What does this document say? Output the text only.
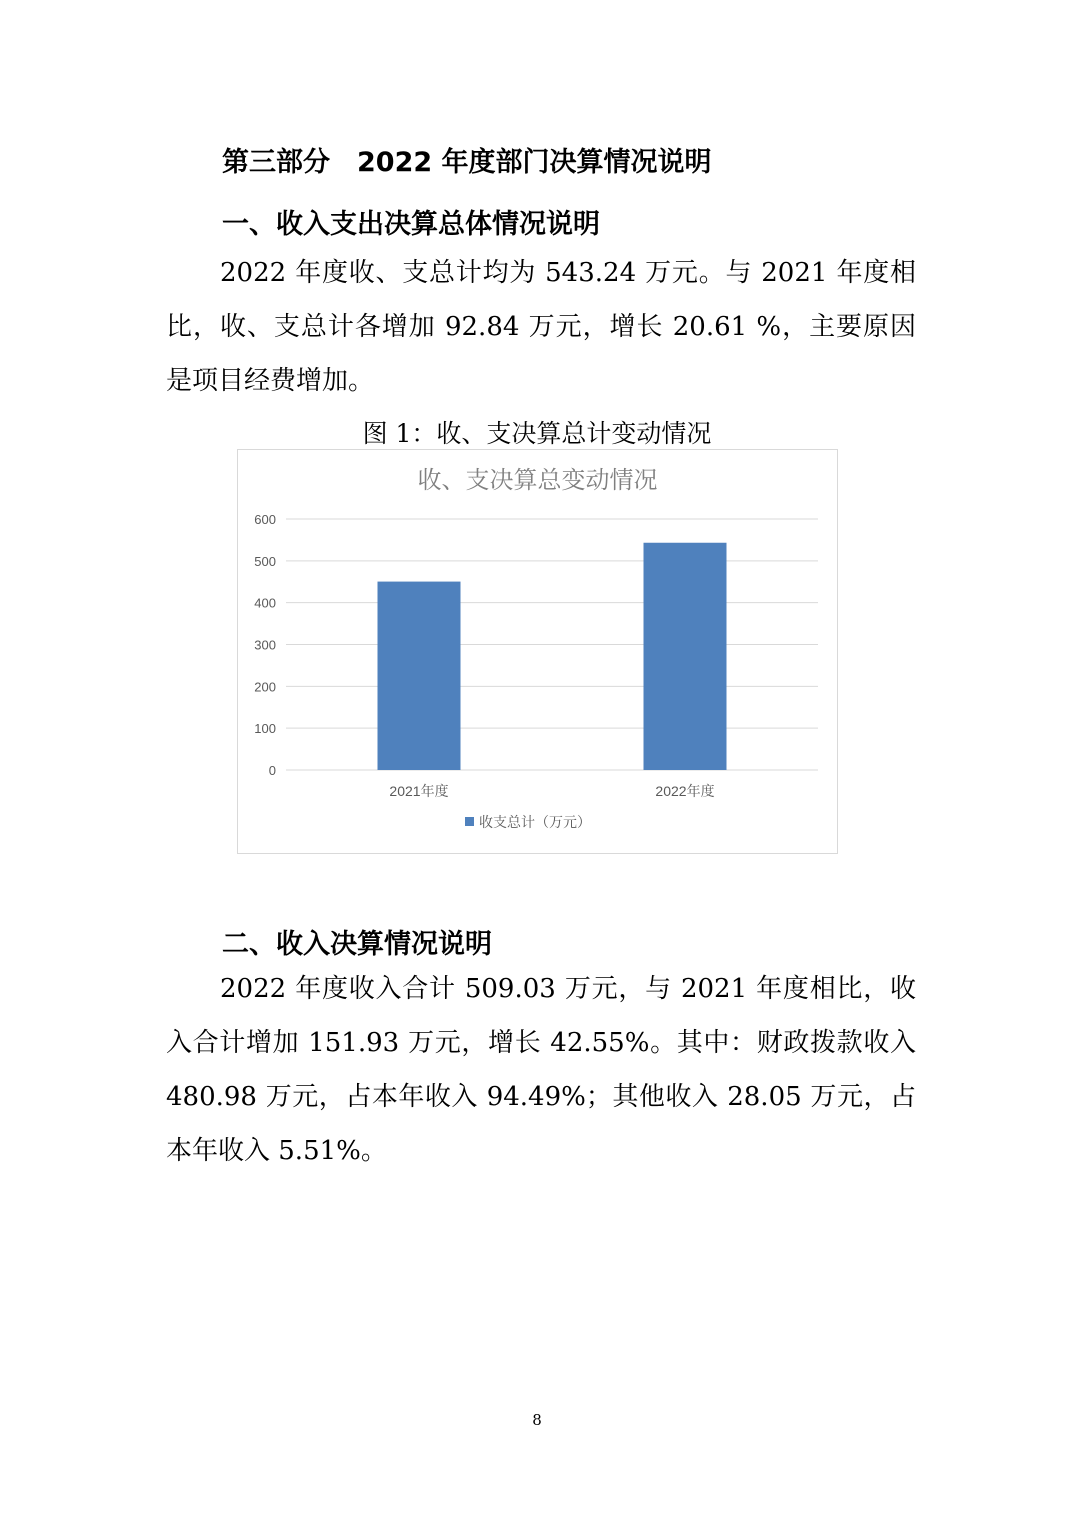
第三部分　2022 年度部门决算情况说明
一、收入支出决算总体情况说明

2022 年度收、支总计均为 543.24 万元。与 2021 年度相比，收、支总计各增加 92.84 万元，增长 20.61 %，主要原因是项目经费增加。

图 1：收、支决算总计变动情况
收、支决算总变动情况
0
100
200
300
400
500
600
2021年度	2022年度
收支总计（万元）
二、收入决算情况说明

2022 年度收入合计 509.03 万元，与 2021 年度相比，收入合计增加 151.93 万元，增长 42.55%。其中：财政拨款收入 480.98 万元，占本年收入 94.49%；其他收入 28.05 万元，占本年收入 5.51%。

8
